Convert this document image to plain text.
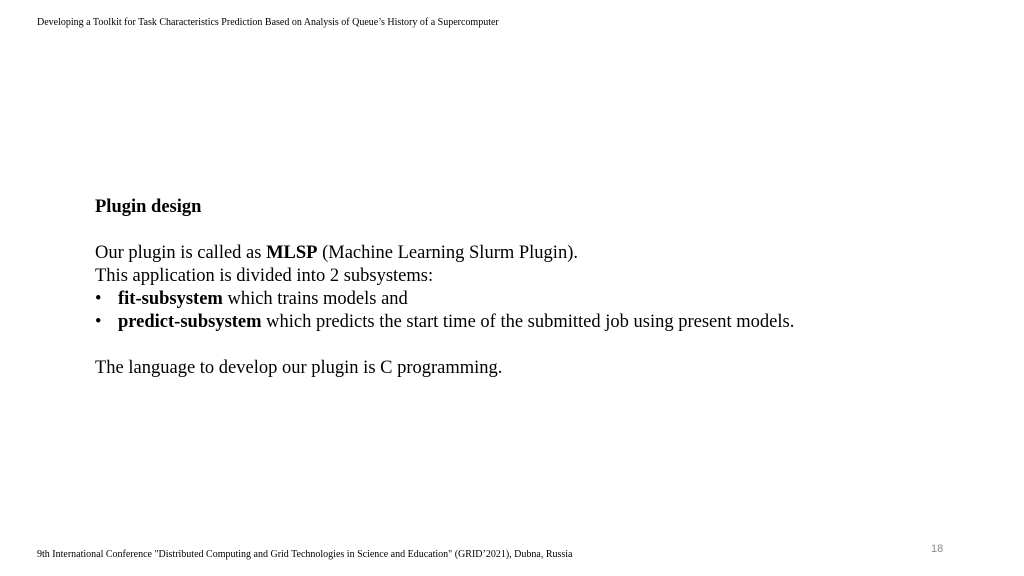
Developing a Toolkit for Task Characteristics Prediction Based on Analysis of Queue’s History of a Supercomputer

Plugin design

Our plugin is called as MLSP (Machine Learning Slurm Plugin).

This application is divided into 2 subsystems:

• fit-subsystem which trains models and
• predict-subsystem which predicts the start time of the submitted job using present models.

The language to develop our plugin is C programming.

9th International Conference "Distributed Computing and Grid Technologies in Science and Education" (GRID’2021), Dubna, Russia	18
